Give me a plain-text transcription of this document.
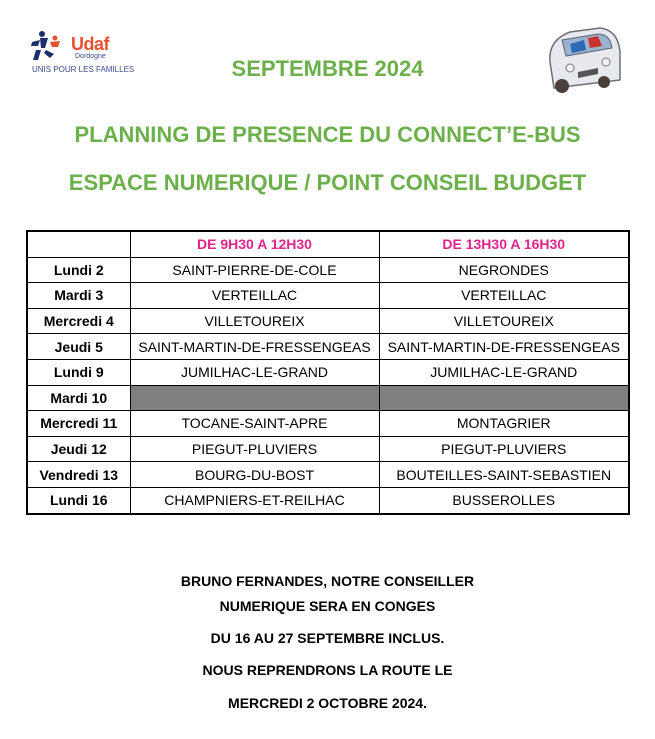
Udaf
Dordogne
UNIS POUR LES FAMILLES	SEPTEMBRE 2024
PLANNING DE PRESENCE DU CONNECT’E-BUS
ESPACE NUMERIQUE / POINT CONSEIL BUDGET
	DE 9H30 A 12H30	DE 13H30 A 16H30
Lundi 2	SAINT-PIERRE-DE-COLE	NEGRONDES
Mardi 3	VERTEILLAC	VERTEILLAC
Mercredi 4	VILLETOUREIX	VILLETOUREIX
Jeudi 5	SAINT-MARTIN-DE-FRESSENGEAS	SAINT-MARTIN-DE-FRESSENGEAS
Lundi 9	JUMILHAC-LE-GRAND	JUMILHAC-LE-GRAND
Mardi 10		
Mercredi 11	TOCANE-SAINT-APRE	MONTAGRIER
Jeudi 12	PIEGUT-PLUVIERS	PIEGUT-PLUVIERS
Vendredi 13	BOURG-DU-BOST	BOUTEILLES-SAINT-SEBASTIEN
Lundi 16	CHAMPNIERS-ET-REILHAC	BUSSEROLLES
BRUNO FERNANDES, NOTRE CONSEILLER
NUMERIQUE SERA EN CONGES
DU 16 AU 27 SEPTEMBRE INCLUS.
NOUS REPRENDRONS LA ROUTE LE
MERCREDI 2 OCTOBRE 2024.
